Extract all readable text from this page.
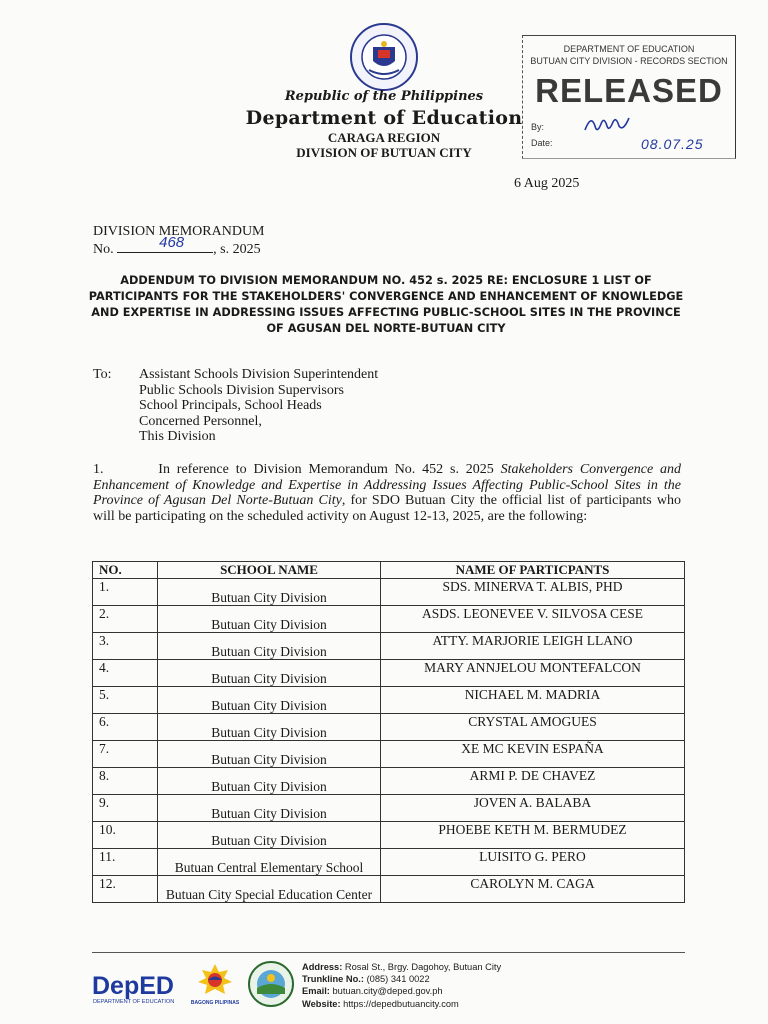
Republic of the Philippines
Department of Education
CARAGA REGION
DIVISION OF BUTUAN CITY
DEPARTMENT OF EDUCATION
BUTUAN CITY DIVISION - RECORDS SECTION
RELEASED
By:
Date:	08.07.25
6 Aug 2025
DIVISION MEMORANDUM
No.	468 , s. 2025
ADDENDUM TO DIVISION MEMORANDUM NO. 452 s. 2025 RE: ENCLOSURE 1 LIST OF PARTICIPANTS FOR THE STAKEHOLDERS' CONVERGENCE AND ENHANCEMENT OF KNOWLEDGE AND EXPERTISE IN ADDRESSING ISSUES AFFECTING PUBLIC-SCHOOL SITES IN THE PROVINCE OF AGUSAN DEL NORTE-BUTUAN CITY
To: Assistant Schools Division Superintendent
Public Schools Division Supervisors
School Principals, School Heads
Concerned Personnel,
This Division
1.	In reference to Division Memorandum No. 452 s. 2025 Stakeholders Convergence and Enhancement of Knowledge and Expertise in Addressing Issues Affecting Public-School Sites in the Province of Agusan Del Norte-Butuan City, for SDO Butuan City the official list of participants who will be participating on the scheduled activity on August 12-13, 2025, are the following:
NO.	SCHOOL NAME	NAME OF PARTICPANTS
1.	Butuan City Division	SDS. MINERVA T. ALBIS, PHD
2.	Butuan City Division	ASDS. LEONEVEE V. SILVOSA CESE
3.	Butuan City Division	ATTY. MARJORIE LEIGH LLANO
4.	Butuan City Division	MARY ANNJELOU MONTEFALCON
5.	Butuan City Division	NICHAEL M. MADRIA
6.	Butuan City Division	CRYSTAL AMOGUES
7.	Butuan City Division	XE MC KEVIN ESPAÑA
8.	Butuan City Division	ARMI P. DE CHAVEZ
9.	Butuan City Division	JOVEN A. BALABA
10.	Butuan City Division	PHOEBE KETH M. BERMUDEZ
11.	Butuan Central Elementary School	LUISITO G. PERO
12.	Butuan City Special Education Center	CAROLYN M. CAGA
DepED
DEPARTMENT OF EDUCATION	BAGONG PILIPINAS
Address: Rosal St., Brgy. Dagohoy, Butuan City
Trunkline No.: (085) 341 0022
Email: butuan.city@deped.gov.ph
Website: https://depedbutuancity.com
